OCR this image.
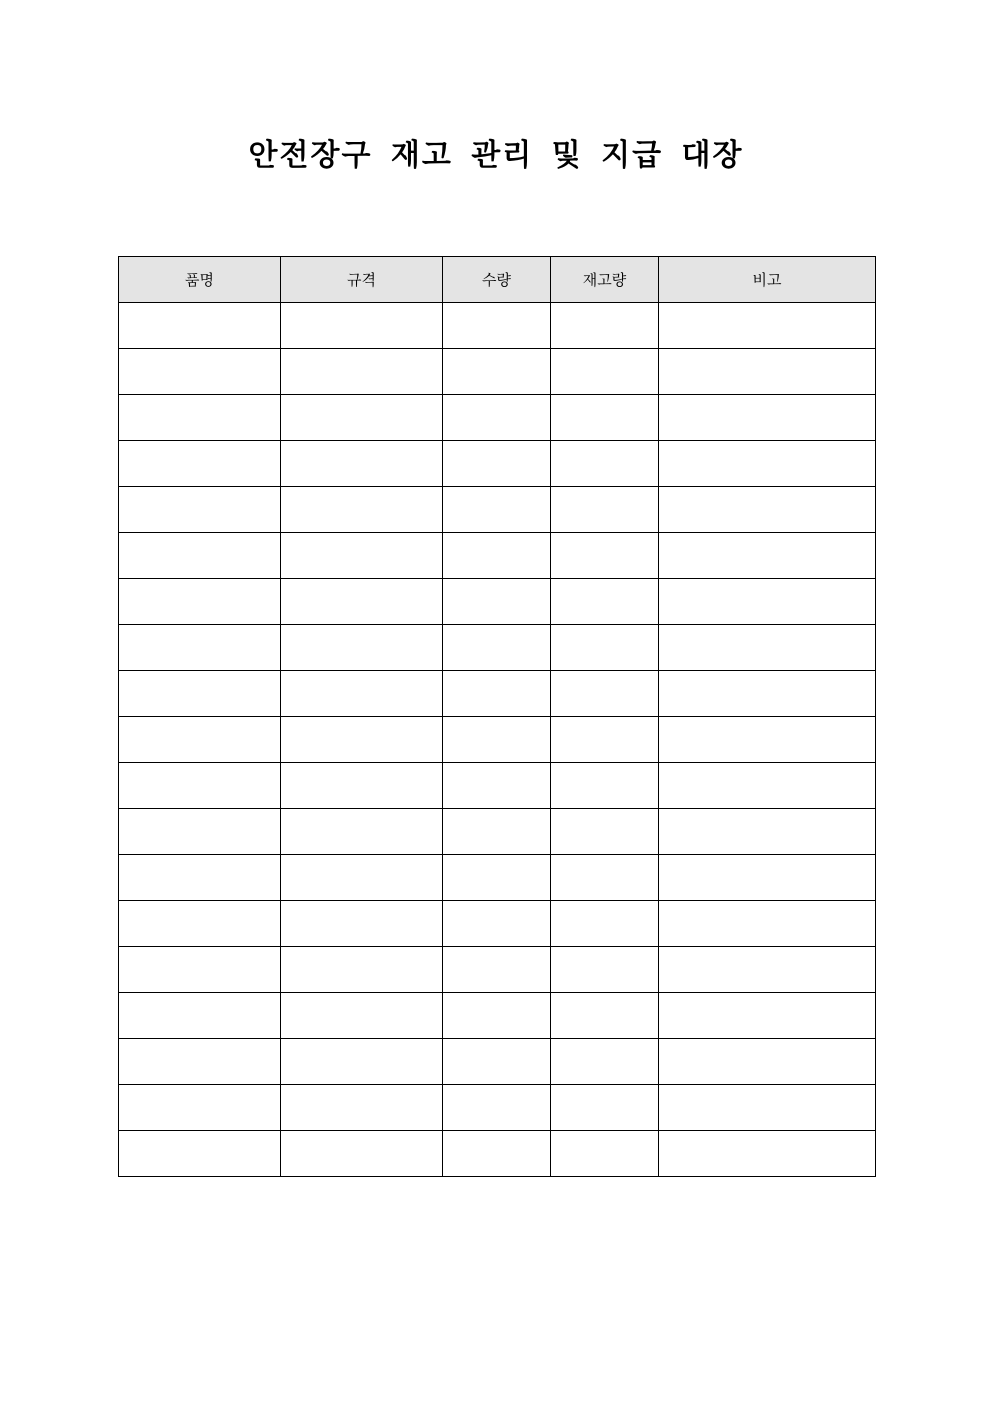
안전장구 재고 관리 및 지급 대장
품명	규격	수량	재고량	비고
